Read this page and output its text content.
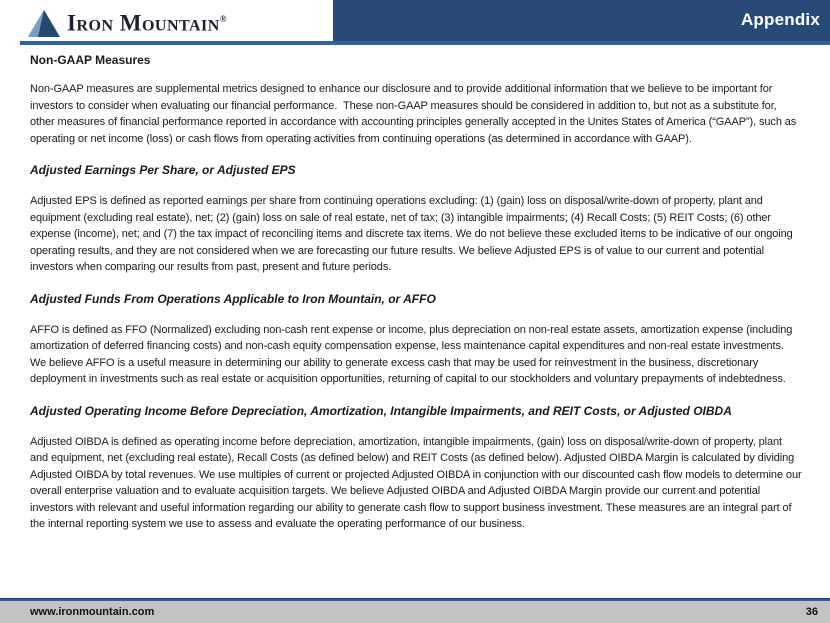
Iron Mountain®	Appendix
Non-GAAP Measures

Non-GAAP measures are supplemental metrics designed to enhance our disclosure and to provide additional information that we believe to be important for investors to consider when evaluating our financial performance.  These non-GAAP measures should be considered in addition to, but not as a substitute for, other measures of financial performance reported in accordance with accounting principles generally accepted in the Unites States of America (“GAAP”), such as operating or net income (loss) or cash flows from operating activities from continuing operations (as determined in accordance with GAAP).

Adjusted Earnings Per Share, or Adjusted EPS

Adjusted EPS is defined as reported earnings per share from continuing operations excluding: (1) (gain) loss on disposal/write-down of property, plant and equipment (excluding real estate), net; (2) (gain) loss on sale of real estate, net of tax; (3) intangible impairments; (4) Recall Costs; (5) REIT Costs; (6) other expense (income), net; and (7) the tax impact of reconciling items and discrete tax items. We do not believe these excluded items to be indicative of our ongoing operating results, and they are not considered when we are forecasting our future results. We believe Adjusted EPS is of value to our current and potential investors when comparing our results from past, present and future periods.

Adjusted Funds From Operations Applicable to Iron Mountain, or AFFO

AFFO is defined as FFO (Normalized) excluding non-cash rent expense or income, plus depreciation on non-real estate assets, amortization expense (including amortization of deferred financing costs) and non-cash equity compensation expense, less maintenance capital expenditures and non-real estate investments.  We believe AFFO is a useful measure in determining our ability to generate excess cash that may be used for reinvestment in the business, discretionary deployment in investments such as real estate or acquisition opportunities, returning of capital to our stockholders and voluntary prepayments of indebtedness.

Adjusted Operating Income Before Depreciation, Amortization, Intangible Impairments, and REIT Costs, or Adjusted OIBDA

Adjusted OIBDA is defined as operating income before depreciation, amortization, intangible impairments, (gain) loss on disposal/write-down of property, plant and equipment, net (excluding real estate), Recall Costs (as defined below) and REIT Costs (as defined below). Adjusted OIBDA Margin is calculated by dividing Adjusted OIBDA by total revenues. We use multiples of current or projected Adjusted OIBDA in conjunction with our discounted cash flow models to determine our overall enterprise valuation and to evaluate acquisition targets. We believe Adjusted OIBDA and Adjusted OIBDA Margin provide our current and potential investors with relevant and useful information regarding our ability to generate cash flow to support business investment. These measures are an integral part of the internal reporting system we use to assess and evaluate the operating performance of our business.

www.ironmountain.com	36
